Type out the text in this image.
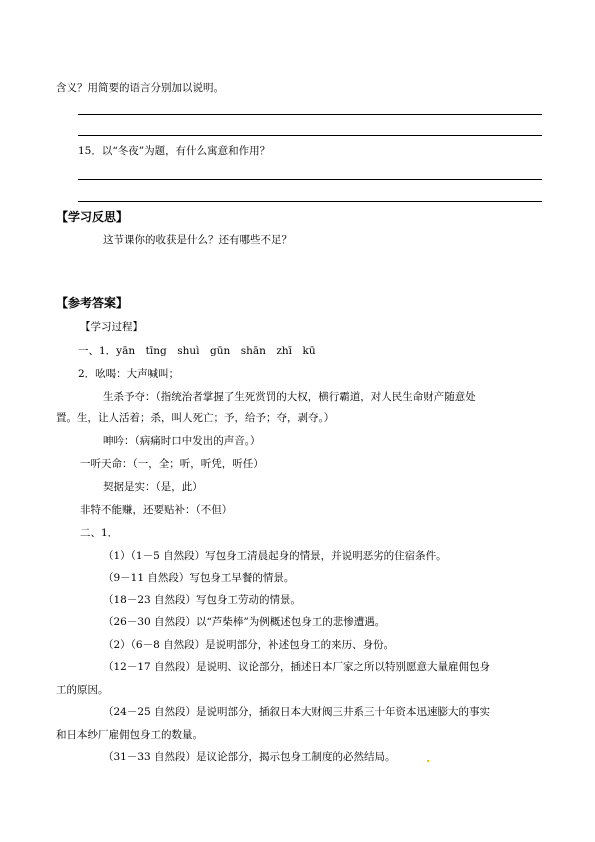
含义？用简要的语言分别加以说明。
15．以“冬夜”为题，有什么寓意和作用？
【学习反思】
这节课你的收获是什么？还有哪些不足？
【参考答案】
【学习过程】
一、1．yān　tīng　shuì　gūn　shān　zhī　kū
2．吆喝：大声喊叫；
生杀予夺：（指统治者掌握了生死赏罚的大权，横行霸道，对人民生命财产随意处
置。生，让人活着；杀，叫人死亡；予，给予；夺，剥夺。）
呻吟：（病痛时口中发出的声音。）
一听天命：（一，全；听，听凭，听任）
契据是实：（是，此）
非特不能赚，还要贴补：（不但）
二、1．
（1）（1－5 自然段）写包身工清晨起身的情景，并说明恶劣的住宿条件。
（9－11 自然段）写包身工早餐的情景。
（18－23 自然段）写包身工劳动的情景。
（26－30 自然段）以“芦柴棒”为例概述包身工的悲惨遭遇。
（2）（6－8 自然段）是说明部分，补述包身工的来历、身份。
（12－17 自然段）是说明、议论部分，插述日本厂家之所以特别愿意大量雇佣包身
工的原因。
（24－25 自然段）是说明部分，插叙日本大财阀三井系三十年资本迅速膨大的事实
和日本纱厂雇佣包身工的数量。
（31－33 自然段）是议论部分，揭示包身工制度的必然结局。
